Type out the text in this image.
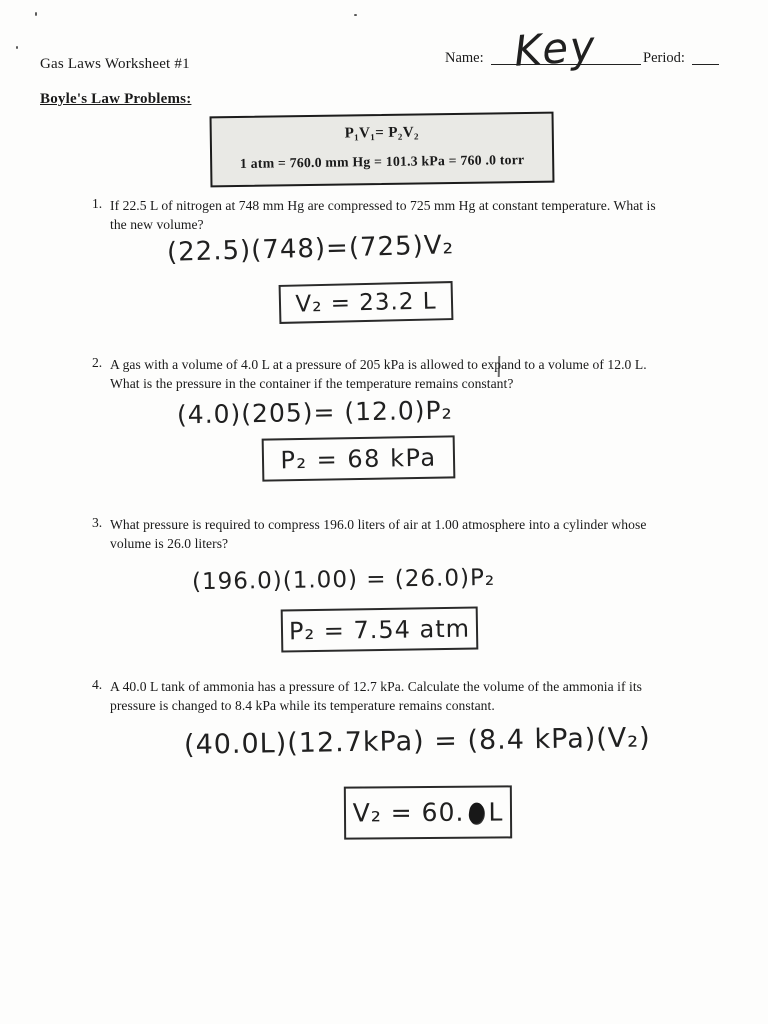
Gas Laws Worksheet #1	Name: Key	Period:
Boyle's Law Problems:
P₁V₁= P₂V₂
1 atm = 760.0 mm Hg = 101.3 kPa = 760 .0 torr
1. If 22.5 L of nitrogen at 748 mm Hg are compressed to 725 mm Hg at constant temperature. What is
the new volume?
(22.5)(748)=(725)V₂
V₂ = 23.2 L
2. A gas with a volume of 4.0 L at a pressure of 205 kPa is allowed to expand to a volume of 12.0 L.
What is the pressure in the container if the temperature remains constant?
(4.0)(205)= (12.0)P₂
P₂ = 68 kPa
3. What pressure is required to compress 196.0 liters of air at 1.00 atmosphere into a cylinder whose
volume is 26.0 liters?
(196.0)(1.00) = (26.0)P₂
P₂ = 7.54 atm
4. A 40.0 L tank of ammonia has a pressure of 12.7 kPa. Calculate the volume of the ammonia if its
pressure is changed to 8.4 kPa while its temperature remains constant.
(40.0L)(12.7kPa) = (8.4 kPa)(V₂)
V₂ = 60. L
